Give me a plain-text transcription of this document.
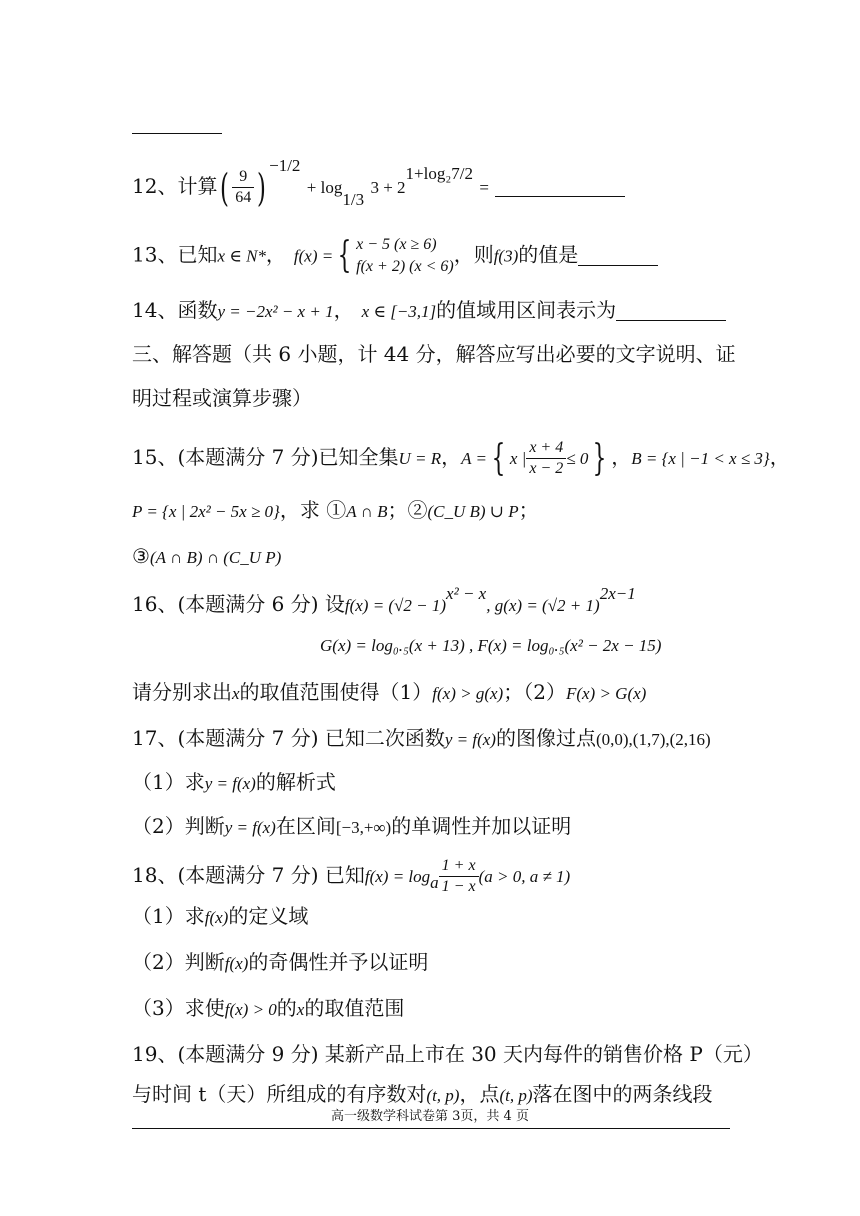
12、计算( $\frac{9}{64}$ ) $^{-1/2} + \log_{1/3} 3 + 2^{1+log_27/2}$ =
13、已知x ∈ N*， f(x) = { x − 5 (x ≥ 6)
f(x + 2) (x < 6) ，则f(3)的值是
14、函数y = −2x² − x + 1， x ∈ [−3,1]的值域用区间表示为
三、解答题（共 6 小题，计 44 分，解答应写出必要的文字说明、证
明过程或演算步骤）
15、(本题满分 7 分)已知全集U = R，A = { x | $\frac{x + 4}{x - 2} \le 0$ } ，B = {x | −1 < x ≤ 3}，
P = {x | 2x² − 5x ≥ 0}，求 ①A ∩ B；②(C_U B) ∪ P；
③(A ∩ B) ∩ (C_U P)
16、(本题满分 6 分) 设$f(x) = (√2 - 1)^{x^2 - x}$, $g(x) = (√2 + 1)^{2x-1}$
G(x) = log₀.₅(x + 13) , F(x) = log₀.₅(x² − 2x − 15)
请分别求出x的取值范围使得（1）f(x) > g(x)；（2）F(x) > G(x)
17、(本题满分 7 分) 已知二次函数y = f(x)的图像过点(0,0),(1,7),(2,16)
（1）求y = f(x)的解析式
（2）判断y = f(x)在区间[−3,+∞)的单调性并加以证明
18、(本题满分 7 分) 已知$f(x) = \log_a \frac{1 + x}{1 - x} (a > 0$, a ≠ 1)
（1）求f(x)的定义域
（2）判断f(x)的奇偶性并予以证明
（3）求使f(x) > 0的x的取值范围
19、(本题满分 9 分) 某新产品上市在 30 天内每件的销售价格 P（元）
与时间 t（天）所组成的有序数对(t, p)，点(t, p)落在图中的两条线段
高一级数学科试卷第 3页，共 4 页
